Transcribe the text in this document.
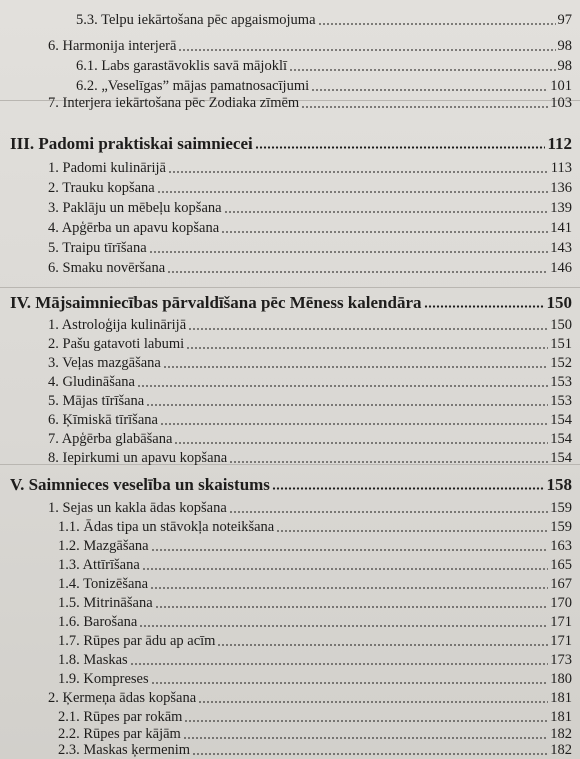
5.3. Telpu iekārtošana pēc apgaismojuma	97
6. Harmonija interjerā	98
6.1. Labs garastāvoklis savā mājoklī	98
6.2. „Veselīgas” mājas pamatnosacījumi	101
7. Interjera iekārtošana pēc Zodiaka zīmēm	103
III. Padomi praktiskai saimniecei	112
1. Padomi kulinārijā	113
2. Trauku kopšana	136
3. Paklāju un mēbeļu kopšana	139
4. Apģērba un apavu kopšana	141
5. Traipu tīrīšana	143
6. Smaku novēršana	146
IV. Mājsaimniecības pārvaldīšana pēc Mēness kalendāra	150
1. Astroloģija kulinārijā	150
2. Pašu gatavoti labumi	151
3. Veļas mazgāšana	152
4. Gludināšana	153
5. Mājas tīrīšana	153
6. Ķīmiskā tīrīšana	154
7. Apģērba glabāšana	154
8. Iepirkumi un apavu kopšana	154
V. Saimnieces veselība un skaistums	158
1. Sejas un kakla ādas kopšana	159
1.1. Ādas tipa un stāvokļa noteikšana	159
1.2. Mazgāšana	163
1.3. Attīrīšana	165
1.4. Tonizēšana	167
1.5. Mitrināšana	170
1.6. Barošana	171
1.7. Rūpes par ādu ap acīm	171
1.8. Maskas	173
1.9. Kompreses	180
2. Ķermeņa ādas kopšana	181
2.1. Rūpes par rokām	181
2.2. Rūpes par kājām	182
2.3. Maskas ķermenim	182
